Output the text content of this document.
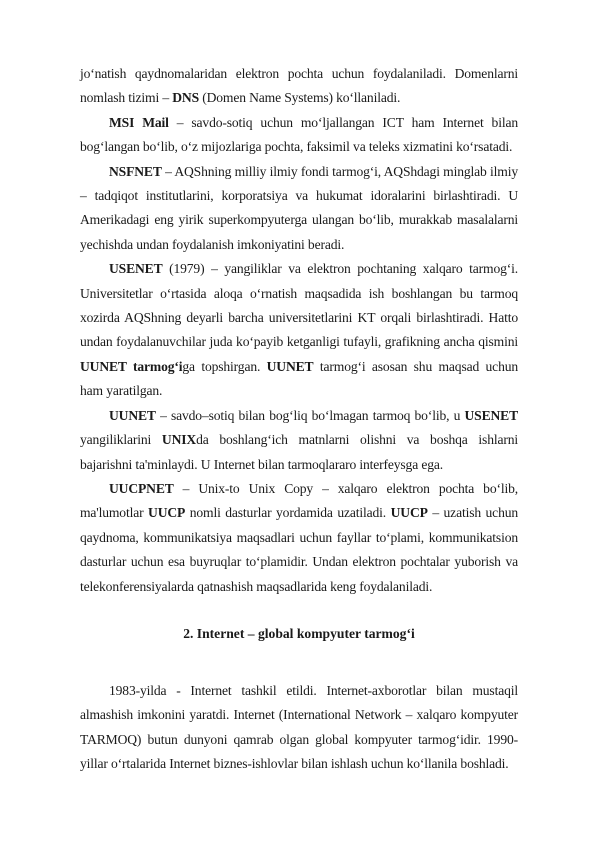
jo‘natish qaydnomalaridan elektron pochta uchun foydalaniladi. Domenlarni nomlash tizimi – DNS (Domen Name Systems) ko‘llaniladi.

MSI Mail – savdo-sotiq uchun mo‘ljallangan ICT ham Internet bilan bog‘langan bo‘lib, o‘z mijozlariga pochta, faksimil va teleks xizmatini ko‘rsatadi.

NSFNET – AQShning milliy ilmiy fondi tarmog‘i, AQShdagi minglab ilmiy – tadqiqot institutlarini, korporatsiya va hukumat idoralarini birlashtiradi. U Amerikadagi eng yirik superkompyuterga ulangan bo‘lib, murakkab masalalarni yechishda undan foydalanish imkoniyatini beradi.

USENET (1979) – yangiliklar va elektron pochtaning xalqaro tarmog‘i. Universitetlar o‘rtasida aloqa o‘rnatish maqsadida ish boshlangan bu tarmoq xozirda AQShning deyarli barcha universitetlarini KT orqali birlashtiradi. Hatto undan foydalanuvchilar juda ko‘payib ketganligi tufayli, grafikning ancha qismini UUNET tarmog‘iga topshirgan. UUNET tarmog‘i asosan shu maqsad uchun ham yaratilgan.

UUNET – savdo–sotiq bilan bog‘liq bo‘lmagan tarmoq bo‘lib, u USENET yangiliklarini UNIXda boshlang‘ich matnlarni olishni va boshqa ishlarni bajarishni ta'minlaydi. U Internet bilan tarmoqlararo interfeysga ega.

UUCPNET – Unix-to Unix Copy – xalqaro elektron pochta bo‘lib, ma'lumotlar UUCP nomli dasturlar yordamida uzatiladi. UUCP – uzatish uchun qaydnoma, kommunikatsiya maqsadlari uchun fayllar to‘plami, kommunikatsion dasturlar uchun esa buyruqlar to‘plamidir. Undan elektron pochtalar yuborish va telekonferensiyalarda qatnashish maqsadlarida keng foydalaniladi.

2. Internet – global kompyuter tarmog‘i

1983-yilda - Internet tashkil etildi. Internet-axborotlar bilan mustaqil almashish imkonini yaratdi. Internet (International Network – xalqaro kompyuter TARMOQ) butun dunyoni qamrab olgan global kompyuter tarmog‘idir. 1990-yillar o‘rtalarida Internet biznes-ishlovlar bilan ishlash uchun ko‘llanila boshladi.
